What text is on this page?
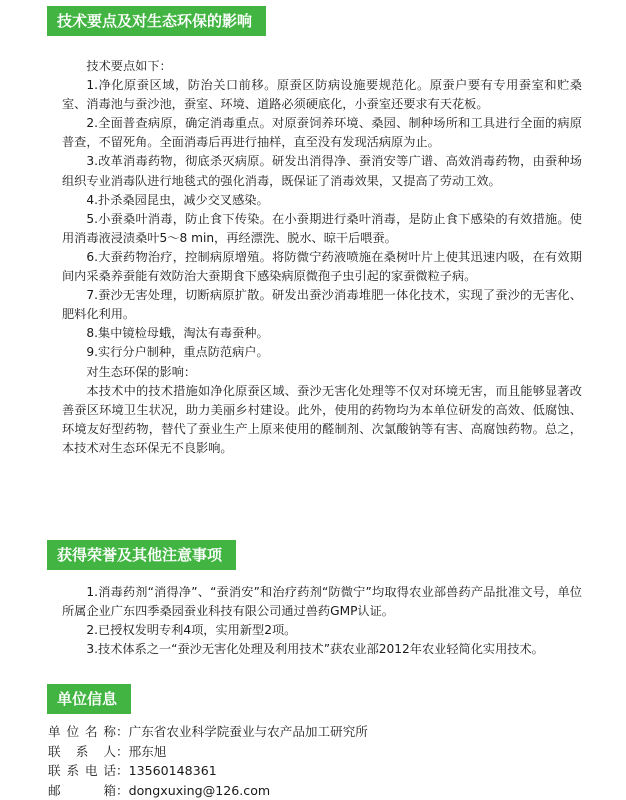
技术要点及对生态环保的影响

技术要点如下：

1.净化原蚕区域，防治关口前移。原蚕区防病设施要规范化。原蚕户要有专用蚕室和贮桑室、消毒池与蚕沙池，蚕室、环境、道路必须硬底化，小蚕室还要求有天花板。

2.全面普查病原，确定消毒重点。对原蚕饲养环境、桑园、制种场所和工具进行全面的病原普查，不留死角。全面消毒后再进行抽样，直至没有发现活病原为止。

3.改革消毒药物，彻底杀灭病原。研发出消得净、蚕消安等广谱、高效消毒药物，由蚕种场组织专业消毒队进行地毯式的强化消毒，既保证了消毒效果，又提高了劳动工效。

4.扑杀桑园昆虫，减少交叉感染。

5.小蚕桑叶消毒，防止食下传染。在小蚕期进行桑叶消毒，是防止食下感染的有效措施。使用消毒液浸渍桑叶5～8 min，再经漂洗、脱水、晾干后喂蚕。

6.大蚕药物治疗，控制病原增殖。将防微宁药液喷施在桑树叶片上使其迅速内吸，在有效期间内采桑养蚕能有效防治大蚕期食下感染病原微孢子虫引起的家蚕微粒子病。

7.蚕沙无害处理，切断病原扩散。研发出蚕沙消毒堆肥一体化技术，实现了蚕沙的无害化、肥料化利用。

8.集中镜检母蛾，淘汰有毒蚕种。

9.实行分户制种，重点防范病户。

对生态环保的影响：

本技术中的技术措施如净化原蚕区域、蚕沙无害化处理等不仅对环境无害，而且能够显著改善蚕区环境卫生状况，助力美丽乡村建设。此外，使用的药物均为本单位研发的高效、低腐蚀、环境友好型药物，替代了蚕业生产上原来使用的醛制剂、次氯酸钠等有害、高腐蚀药物。总之，本技术对生态环保无不良影响。

获得荣誉及其他注意事项

1.消毒药剂“消得净”、“蚕消安”和治疗药剂“防微宁”均取得农业部兽药产品批准文号，单位所属企业广东四季桑园蚕业科技有限公司通过兽药GMP认证。

2.已授权发明专利4项，实用新型2项。

3.技术体系之一“蚕沙无害化处理及利用技术”获农业部2012年农业轻简化实用技术。

单位信息
单位名称：广东省农业科学院蚕业与农产品加工研究所
联系人：邢东旭
联系电话：13560148361
邮箱：dongxuxing@126.com
